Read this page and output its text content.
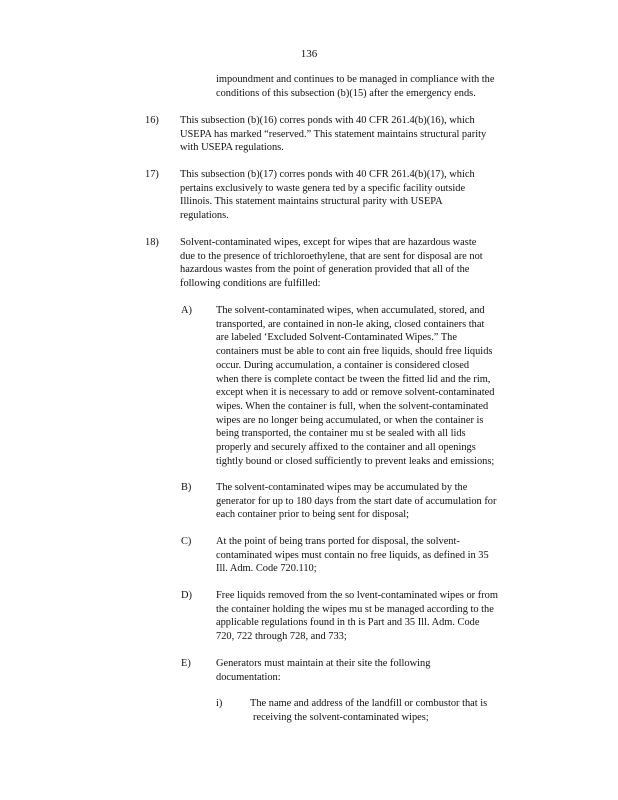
136
impoundment and continues to be managed in compliance with the
conditions of this subsection (b)(15) after the emergency ends.
16) This subsection (b)(16) corres ponds with 40 CFR 261.4(b)(16), which
USEPA has marked “reserved.” This statement maintains structural parity
with USEPA regulations.
17) This subsection (b)(17) corres ponds with 40 CFR 261.4(b)(17), which
pertains exclusively to waste genera ted by a specific facility outside
Illinois. This statement maintains structural parity with USEPA
regulations.
18) Solvent-contaminated wipes, except for wipes that are hazardous waste
due to the presence of trichloroethylene, that are sent for disposal are not
hazardous wastes from the point of generation provided that all of the
following conditions are fulfilled:
A) The solvent-contaminated wipes, when accumulated, stored, and
transported, are contained in non-le aking, closed containers that
are labeled ‘Excluded Solvent-Contaminated Wipes.” The
containers must be able to cont ain free liquids, should free liquids
occur. During accumulation, a container is considered closed
when there is complete contact be tween the fitted lid and the rim,
except when it is necessary to add or remove solvent-contaminated
wipes. When the container is full, when the solvent-contaminated
wipes are no longer being accumulated, or when the container is
being transported, the container mu st be sealed with all lids
properly and securely affixed to the container and all openings
tightly bound or closed sufficiently to prevent leaks and emissions;
B) The solvent-contaminated wipes may be accumulated by the
generator for up to 180 days from the start date of accumulation for
each container prior to being sent for disposal;
C) At the point of being trans ported for disposal, the solvent-
contaminated wipes must contain no free liquids, as defined in 35
Ill. Adm. Code 720.110;
D) Free liquids removed from the so lvent-contaminated wipes or from
the container holding the wipes mu st be managed according to the
applicable regulations found in th is Part and 35 Ill. Adm. Code
720, 722 through 728, and 733;
E) Generators must maintain at their site the following
documentation:
i)	The name and address of the landfill or combustor that is
receiving the solvent-contaminated wipes;
